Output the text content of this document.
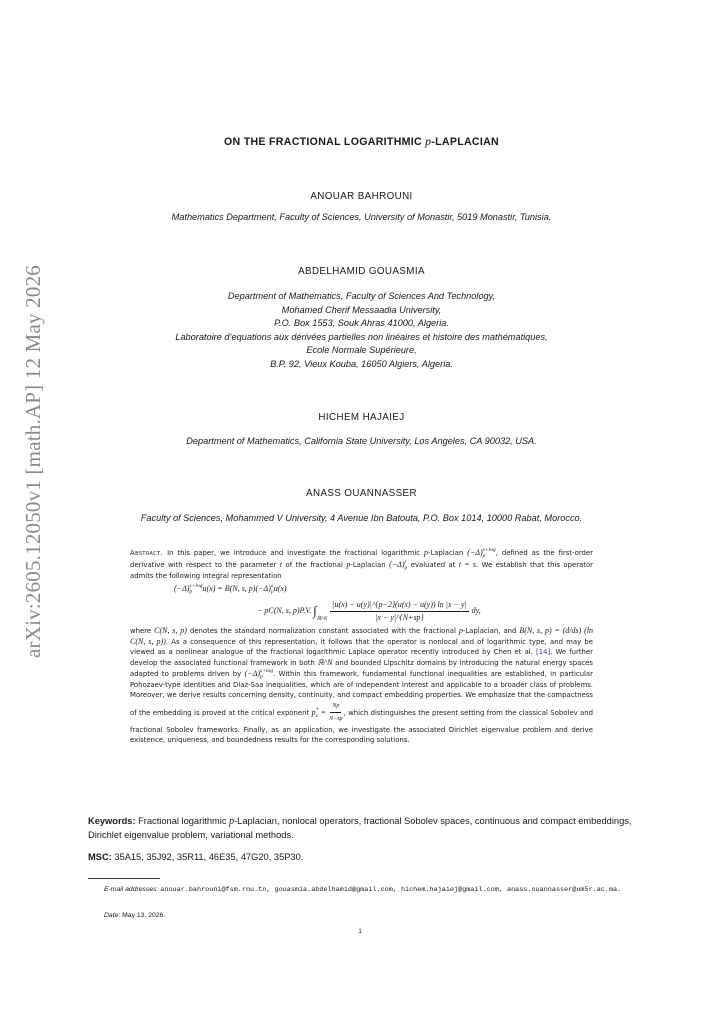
arXiv:2605.12050v1 [math.AP] 12 May 2026
ON THE FRACTIONAL LOGARITHMIC p-LAPLACIAN
ANOUAR BAHROUNI
Mathematics Department, Faculty of Sciences, University of Monastir, 5019 Monastir, Tunisia.
ABDELHAMID GOUASMIA
Department of Mathematics, Faculty of Sciences And Technology,
Mohamed Cherif Messaadia University,
P.O. Box 1553, Souk Ahras 41000, Algeria.
Laboratoire d’equations aux dérivées partielles non linéaires et histoire des mathématiques,
Ecole Normale Supérieure,
B.P. 92, Vieux Kouba, 16050 Algiers, Algeria.
HICHEM HAJAIEJ
Department of Mathematics, California State University, Los Angeles, CA 90032, USA.
ANASS OUANNASSER
Faculty of Sciences, Mohammed V University, 4 Avenue Ibn Batouta, P.O. Box 1014, 10000 Rabat, Morocco.

Abstract. In this paper, we introduce and investigate the fractional logarithmic p-Laplacian (−Δ) s+log
p	, defined as the first-order derivative with respect to the parameter t of the fractional p-Laplacian (−Δ) t
p evaluated at t = s. We establish that this operator admits the following integral representation

(−Δ) s+log
p	u(x) = B(N, s, p)(−Δ) s
p u(x)
− pC(N, s, p)P.V. ∫
ℝ^N $\frac{|u(x) - u(y)|\^{}\{p-2\}(u(x) - u(y)) \ln |x - y|}{|x - y|\^{}\{N+sp\}}$ dy,

where C(N, s, p) denotes the standard normalization constant associated with the fractional p-Laplacian, and B(N, s, p) = (d/ds) (ln C(N, s, p)). As a consequence of this representation, it follows that the operator is nonlocal and of logarithmic type, and may be viewed as a nonlinear analogue of the fractional logarithmic Laplace operator recently introduced by Chen et al. [14]. We further develop the associated functional framework in both ℝ^N and bounded Lipschitz domains by introducing the natural energy spaces adapted to problems driven by (−Δ) s+log
p	. Within this framework, fundamental functional inequalities are established, in particular Pohozaev-type identities and Díaz-Saa inequalities, which are of independent interest and applicable to a broader class of problems. Moreover, we derive results concerning density, continuity, and compact embedding properties. We emphasize that the compactness of the embedding is proved at the critical exponent p *
$s = \frac{Np}{N-sp}$ , which distinguishes the present setting from the classical Sobolev and fractional Sobolev frameworks. Finally, as an application, we investigate the associated Dirichlet eigenvalue problem and derive existence, uniqueness, and boundedness results for the corresponding solutions.

Keywords: Fractional logarithmic p-Laplacian, nonlocal operators, fractional Sobolev spaces, continuous and compact embeddings, Dirichlet eigenvalue problem, variational methods.
MSC: 35A15, 35J92, 35R11, 46E35, 47G20, 35P30.
E-mail addresses: anouar.bahrouni@fsm.rnu.tn, gouasmia.abdelhamid@gmail.com, hichem.hajaiej@gmail.com, anass.ouannasser@um5r.ac.ma.
Date: May 13, 2026.
1
